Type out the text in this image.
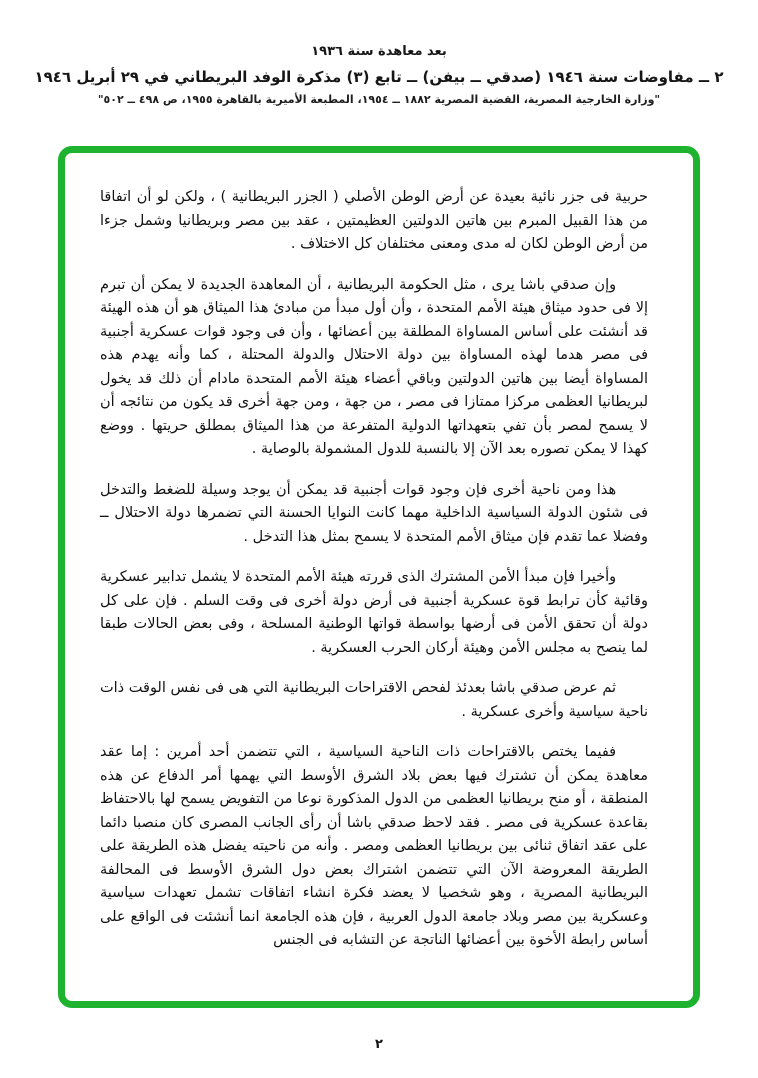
بعد معاهدة سنة ١٩٣٦
٢ ــ مفاوضات سنة ١٩٤٦ (صدقي ــ بيفن) ــ تابع (٣) مذكرة الوفد البريطاني في ٢٩ أبريل ١٩٤٦
"وزارة الخارجية المصرية، القضية المصرية ١٨٨٢ ــ ١٩٥٤، المطبعة الأميرية بالقاهرة ١٩٥٥، ص ٤٩٨ ــ ٥٠٢"

حربية فى جزر نائية بعيدة عن أرض الوطن الأصلي ( الجزر البريطانية ) ، ولكن لو أن اتفاقا من هذا القبيل المبرم بين هاتين الدولتين العظيمتين ، عقد بين مصر وبريطانيا وشمل جزءا من أرض الوطن لكان له مدى ومعنى مختلفان كل الاختلاف .

وإن صدقي باشا يرى ، مثل الحكومة البريطانية ، أن المعاهدة الجديدة لا يمكن أن تبرم إلا فى حدود ميثاق هيئة الأمم المتحدة ، وأن أول مبدأ من مبادئ هذا الميثاق هو أن هذه الهيئة قد أنشئت على أساس المساواة المطلقة بين أعضائها ، وأن فى وجود قوات عسكرية أجنبية فى مصر هدما لهذه المساواة بين دولة الاحتلال والدولة المحتلة ، كما وأنه يهدم هذه المساواة أيضا بين هاتين الدولتين وباقي أعضاء هيئة الأمم المتحدة مادام أن ذلك قد يخول لبريطانيا العظمى مركزا ممتازا فى مصر ، من جهة ، ومن جهة أخرى قد يكون من نتائجه أن لا يسمح لمصر بأن تفي بتعهداتها الدولية المتفرعة من هذا الميثاق بمطلق حريتها . ووضع كهذا لا يمكن تصوره بعد الآن إلا بالنسبة للدول المشمولة بالوصاية .

هذا ومن ناحية أخرى فإن وجود قوات أجنبية قد يمكن أن يوجد وسيلة للضغط والتدخل فى شئون الدولة السياسية الداخلية مهما كانت النوايا الحسنة التي تضمرها دولة الاحتلال ــ وفضلا عما تقدم فإن ميثاق الأمم المتحدة لا يسمح بمثل هذا التدخل .

وأخيرا فإن مبدأ الأمن المشترك الذى قررته هيئة الأمم المتحدة لا يشمل تدابير عسكرية وقائية كأن ترابط قوة عسكرية أجنبية فى أرض دولة أخرى فى وقت السلم . فإن على كل دولة أن تحقق الأمن فى أرضها بواسطة قواتها الوطنية المسلحة ، وفى بعض الحالات طبقا لما ينصح به مجلس الأمن وهيئة أركان الحرب العسكرية .

ثم عرض صدقي باشا بعدئذ لفحص الاقتراحات البريطانية التي هى فى نفس الوقت ذات ناحية سياسية وأخرى عسكرية .

ففيما يختص بالاقتراحات ذات الناحية السياسية ، التي تتضمن أحد أمرين : إما عقد معاهدة يمكن أن تشترك فيها بعض بلاد الشرق الأوسط التي يهمها أمر الدفاع عن هذه المنطقة ، أو منح بريطانيا العظمى من الدول المذكورة نوعا من التفويض يسمح لها بالاحتفاظ بقاعدة عسكرية فى مصر . فقد لاحظ صدقي باشا أن رأى الجانب المصرى كان منصبا دائما على عقد اتفاق ثنائى بين بريطانيا العظمى ومصر . وأنه من ناحيته يفضل هذه الطريقة على الطريقة المعروضة الآن التي تتضمن اشتراك بعض دول الشرق الأوسط فى المحالفة البريطانية المصرية ، وهو شخصيا لا يعضد فكرة انشاء اتفاقات تشمل تعهدات سياسية وعسكرية بين مصر وبلاد جامعة الدول العربية ، فإن هذه الجامعة انما أنشئت فى الواقع على أساس رابطة الأخوة بين أعضائها الناتجة عن التشابه فى الجنس

٢
